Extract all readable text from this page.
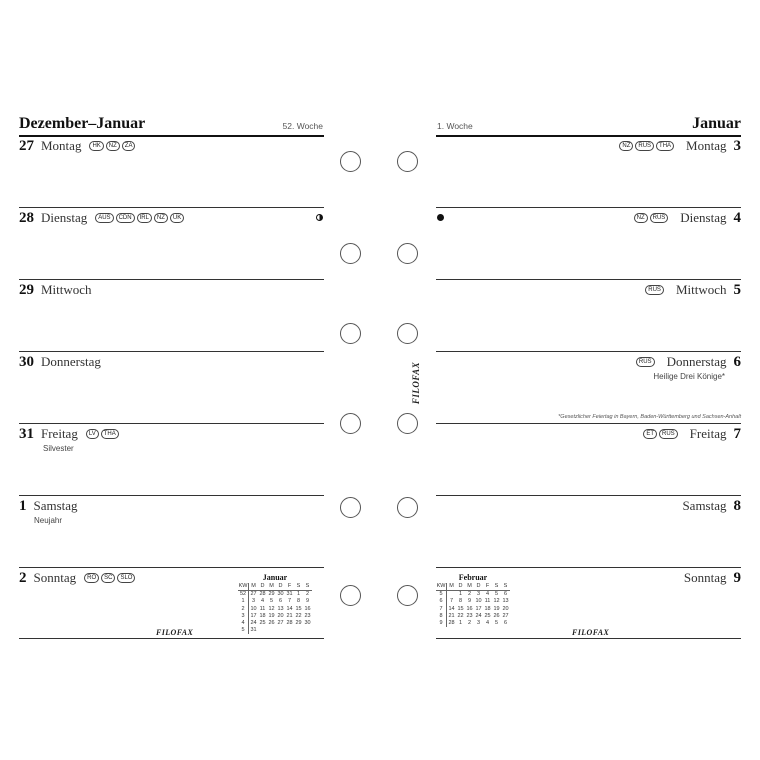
Dezember–Januar	52. Woche	1. Woche	Januar
27 Montag	HK	NZ	ZA
28 Dienstag	AUS	CDN	IRL	NZ	UK
29 Mittwoch
30 Donnerstag
31 Freitag	LV	THA
Silvester
1 Samstag
Neujahr
2 Sonntag	RO	SC	SLO
NZ	RUS	THA Montag 3
NZ	RUS Dienstag 4
RUS Mittwoch 5
RUS Donnerstag 6
Heilige Drei Könige*
ET	RUS Freitag 7
Samstag 8
Sonntag 9
FILOFAX
*Gesetzlicher Feiertag in Bayern, Baden-Württemberg und Sachsen-Anhalt
Januar
KW	M	D	M	D	F	S	S
52	27	28	29	30	31	1	2
1	3	4	5	6	7	8	9
2	10	11	12	13	14	15	16
3	17	18	19	20	21	22	23
4	24	25	26	27	28	29	30
5	31						
Februar
KW	M	D	M	D	F	S	S
5		1	2	3	4	5	6
6	7	8	9	10	11	12	13
7	14	15	16	17	18	19	20
8	21	22	23	24	25	26	27
9	28	1	2	3	4	5	6
FILOFAX	FILOFAX
